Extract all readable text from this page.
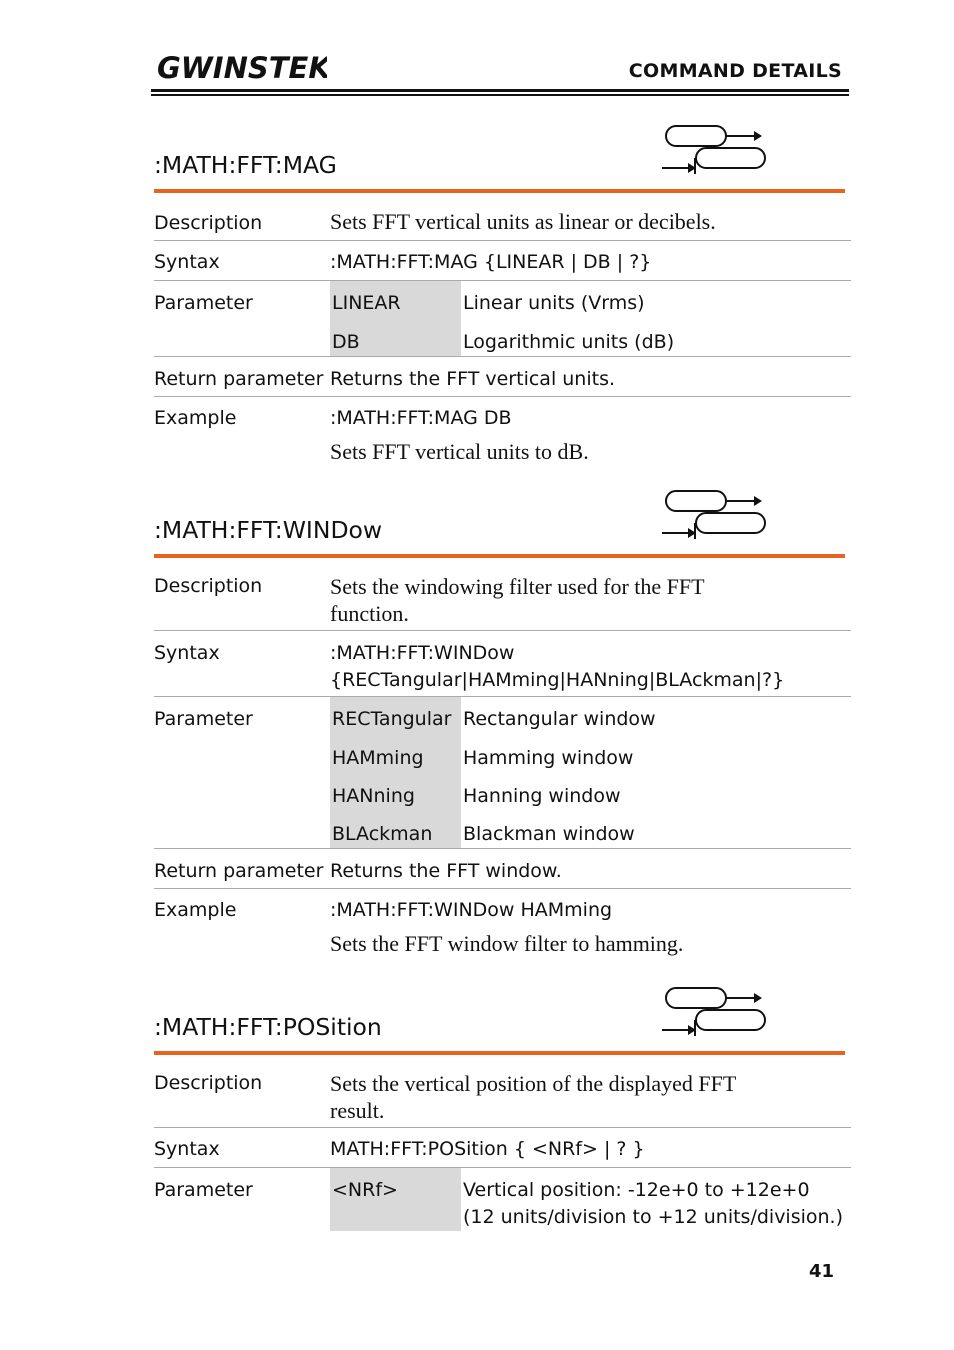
GWINSTEK	COMMAND DETAILS
:MATH:FFT:MAG
Description	Sets FFT vertical units as linear or decibels.	
Syntax	:MATH:FFT:MAG {LINEAR | DB | ?}	
Parameter	LINEAR	Linear units (Vrms)
	DB	Logarithmic units (dB)
Return parameter	Returns the FFT vertical units.	
Example	:MATH:FFT:MAG DB	
	Sets FFT vertical units to dB.	
:MATH:FFT:WINDow
Description	Sets the windowing filter used for the FFT
function.	

Syntax	:MATH:FFT:WINDow
{RECTangular|HAMming|HANning|BLAckman|?}	

Parameter	RECTangular	Rectangular window
	HAMming	Hamming window
	HANning	Hanning window
	BLAckman	Blackman window
Return parameter	Returns the FFT window.	
Example	:MATH:FFT:WINDow HAMming	
	Sets the FFT window filter to hamming.	
:MATH:FFT:POSition
Description	Sets the vertical position of the displayed FFT
result.	

Syntax	MATH:FFT:POSition { <NRf> | ? }	
Parameter	<NRf>	Vertical position: -12e+0 to +12e+0
(12 units/division to +12 units/division.)
41
